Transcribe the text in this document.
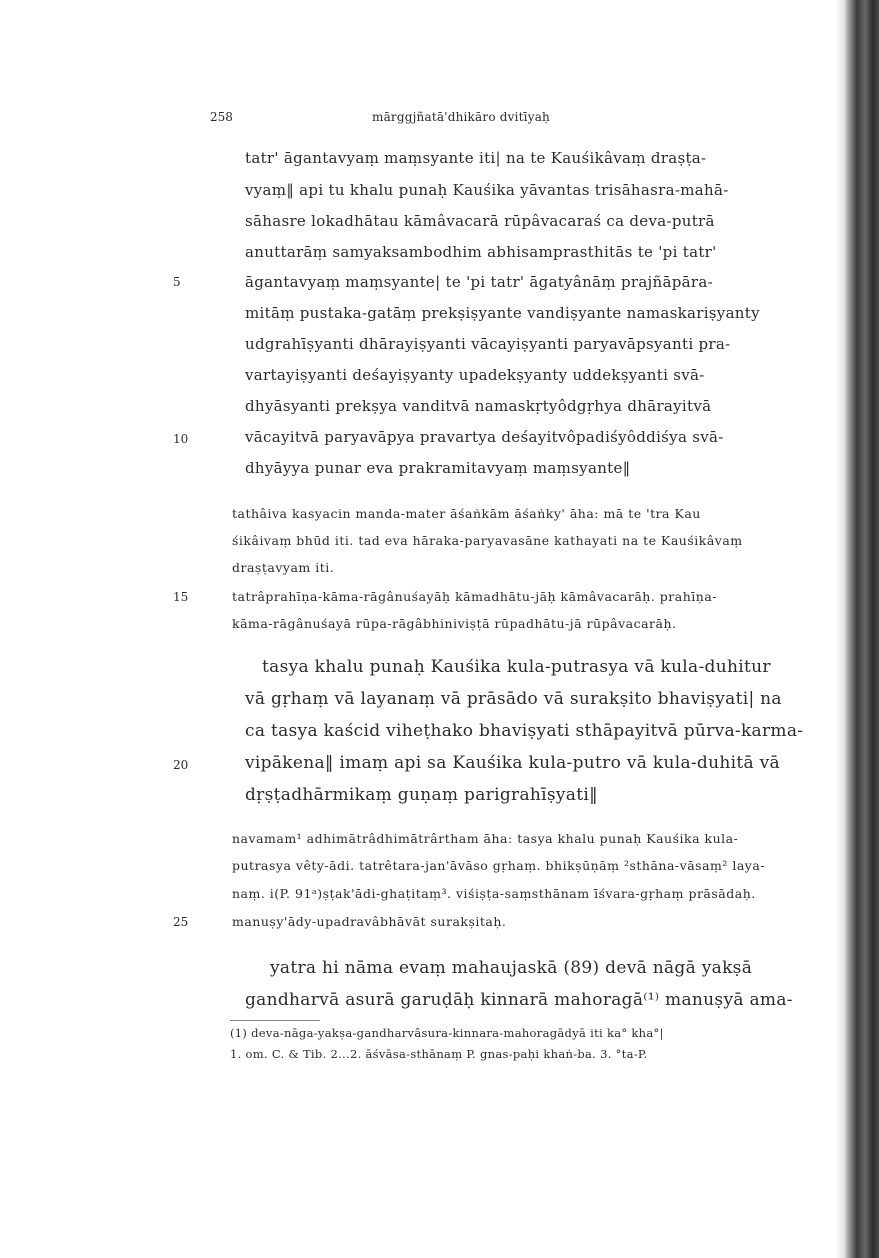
258	mārggjñatā'dhikāro dvitīyaḥ
5
10
15
20
25
tatr' āgantavyaṃ maṃsyante iti| na te Kauśikâvaṃ draṣṭa-
vyaṃ‖ api tu khalu punaḥ Kauśika yāvantas trisāhasra-mahā-
sāhasre lokadhātau kāmâvacarā rūpâvacaraś ca deva-putrā
anuttarāṃ samyaksambodhim abhisamprasthitās te 'pi tatr'
āgantavyaṃ maṃsyante| te 'pi tatr' āgatyânāṃ prajñāpāra-
mitāṃ pustaka-gatāṃ prekṣiṣyante vandiṣyante namaskariṣyanty
udgrahīṣyanti dhārayiṣyanti vācayiṣyanti paryavāpsyanti pra-
vartayiṣyanti deśayiṣyanty upadekṣyanty uddekṣyanti svā-
dhyāsyanti prekṣya vanditvā namaskṛtyôdgṛhya dhārayitvā
vācayitvā paryavāpya pravartya deśayitvôpadiśyôddiśya svā-
dhyāyya punar eva prakramitavyaṃ maṃsyante‖
tathâiva kasyacin manda-mater āśaṅkām āśaṅky' āha: mā te 'tra Kau
śikâivaṃ bhūd iti. tad eva hāraka-paryavasāne kathayati na te Kauśikâvaṃ
draṣṭavyam iti.
tatrâprahīṇa-kāma-rāgânuśayāḥ kāmadhātu-jāḥ kāmâvacarāḥ. prahīṇa-
kāma-rāgânuśayā rūpa-rāgâbhiniviṣṭā rūpadhātu-jā rūpâvacarāḥ.
tasya khalu punaḥ Kauśika kula-putrasya vā kula-duhitur
vā gṛhaṃ vā layanaṃ vā prāsādo vā surakṣito bhaviṣyati| na
ca tasya kaścid viheṭhako bhaviṣyati sthāpayitvā pūrva-karma-
vipākena‖ imaṃ api sa Kauśika kula-putro vā kula-duhitā vā
dṛṣṭadhārmikaṃ guṇaṃ parigrahīṣyati‖
navamam¹ adhimātrâdhimātrârtham āha: tasya khalu punaḥ Kauśika kula-
putrasya vêty-ādi. tatrêtara-jan'āvāso gṛhaṃ. bhikṣūṇāṃ ²sthāna-vāsaṃ² laya-
naṃ. i(P. 91ᵃ)ṣṭak'ādi-ghaṭitaṃ³. viśiṣṭa-saṃsthānam īśvara-gṛhaṃ prāsādaḥ.
manuṣy'ādy-upadravâbhāvāt surakṣitaḥ.
yatra hi nāma evaṃ mahaujaskā (89) devā nāgā yakṣā
gandharvā asurā garuḍāḥ kinnarā mahoragā⁽¹⁾ manuṣyā ama-
(1) deva-nāga-yakṣa-gandharvâsura-kinnara-mahoragādyā iti ka° kha°|
1. om. C. & Tib. 2...2. āśvāsa-sthānaṃ P. gnas-paḥi khaṅ-ba. 3. °ta-P.
